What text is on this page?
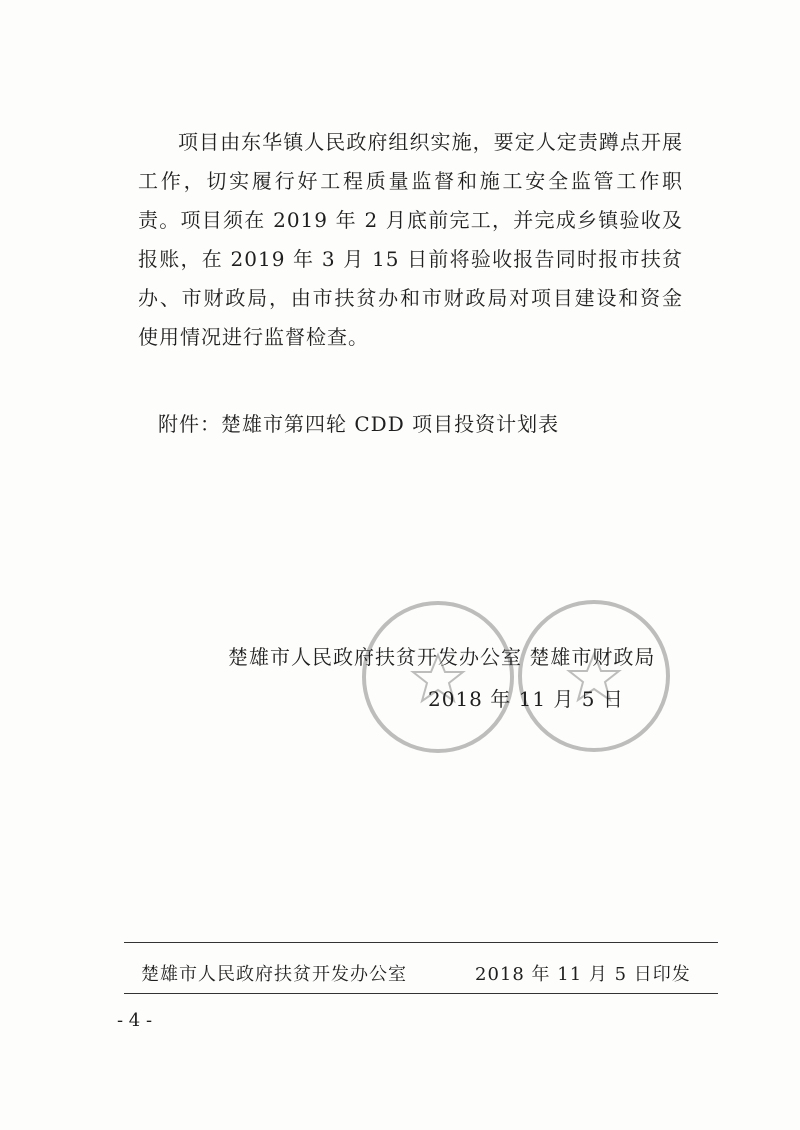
项目由东华镇人民政府组织实施，要定人定责蹲点开展工作，切实履行好工程质量监督和施工安全监管工作职责。项目须在 2019 年 2 月底前完工，并完成乡镇验收及报账，在 2019 年 3 月 15 日前将验收报告同时报市扶贫办、市财政局，由市扶贫办和市财政局对项目建设和资金使用情况进行监督检查。

附件：楚雄市第四轮 CDD 项目投资计划表
楚雄市人民政府扶贫开发办公室 楚雄市财政局
2018 年 11 月 5 日
楚雄市人民政府扶贫开发办公室	2018 年 11 月 5 日印发
- 4 -
